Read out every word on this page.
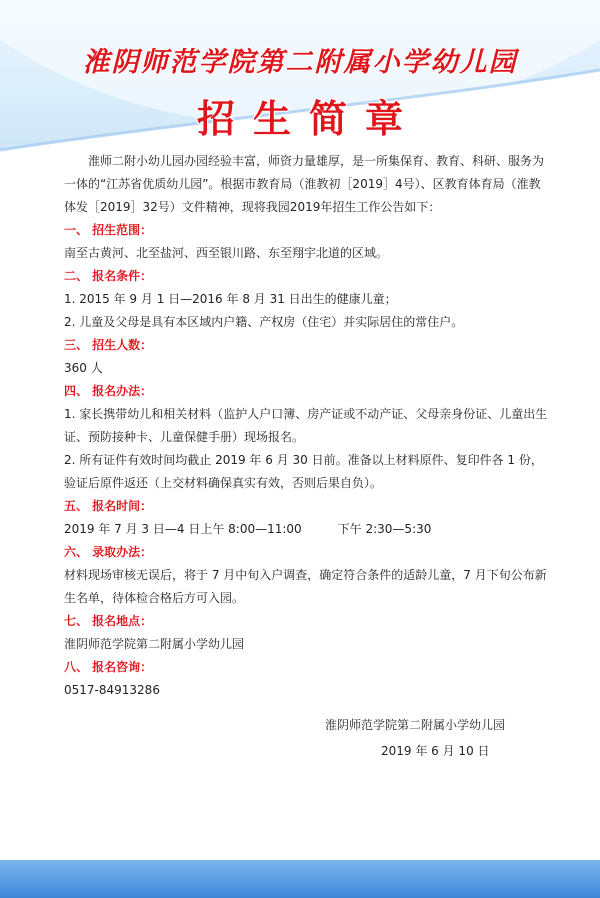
淮阴师范学院第二附属小学幼儿园
招生简章

淮师二附小幼儿园办园经验丰富，师资力量雄厚，是一所集保育、教育、科研、服务为一体的“江苏省优质幼儿园”。根据市教育局（淮教初［2019］4号）、区教育体育局（淮教体发［2019］32号）文件精神，现将我园2019年招生工作公告如下：

一、 招生范围：
南至古黄河、北至盐河、西至银川路、东至翔宇北道的区域。
二、 报名条件：
1. 2015 年 9 月 1 日—2016 年 8 月 31 日出生的健康儿童；
2. 儿童及父母是具有本区域内户籍、产权房（住宅）并实际居住的常住户。
三、 招生人数：
360 人
四、 报名办法：

1. 家长携带幼儿和相关材料（监护人户口簿、房产证或不动产证、父母亲身份证、儿童出生证、预防接种卡、儿童保健手册）现场报名。

2. 所有证件有效时间均截止 2019 年 6 月 30 日前。准备以上材料原件、复印件各 1 份，验证后原件返还（上交材料确保真实有效，否则后果自负）。

五、 报名时间：
2019 年 7 月 3 日—4 日上午 8:00—11:00　　　下午 2:30—5:30
六、 录取办法：

材料现场审核无误后，将于 7 月中旬入户调查，确定符合条件的适龄儿童，7 月下旬公布新生名单，待体检合格后方可入园。

七、 报名地点：
淮阴师范学院第二附属小学幼儿园
八、 报名咨询：
0517-84913286
淮阴师范学院第二附属小学幼儿园
2019 年 6 月 10 日
